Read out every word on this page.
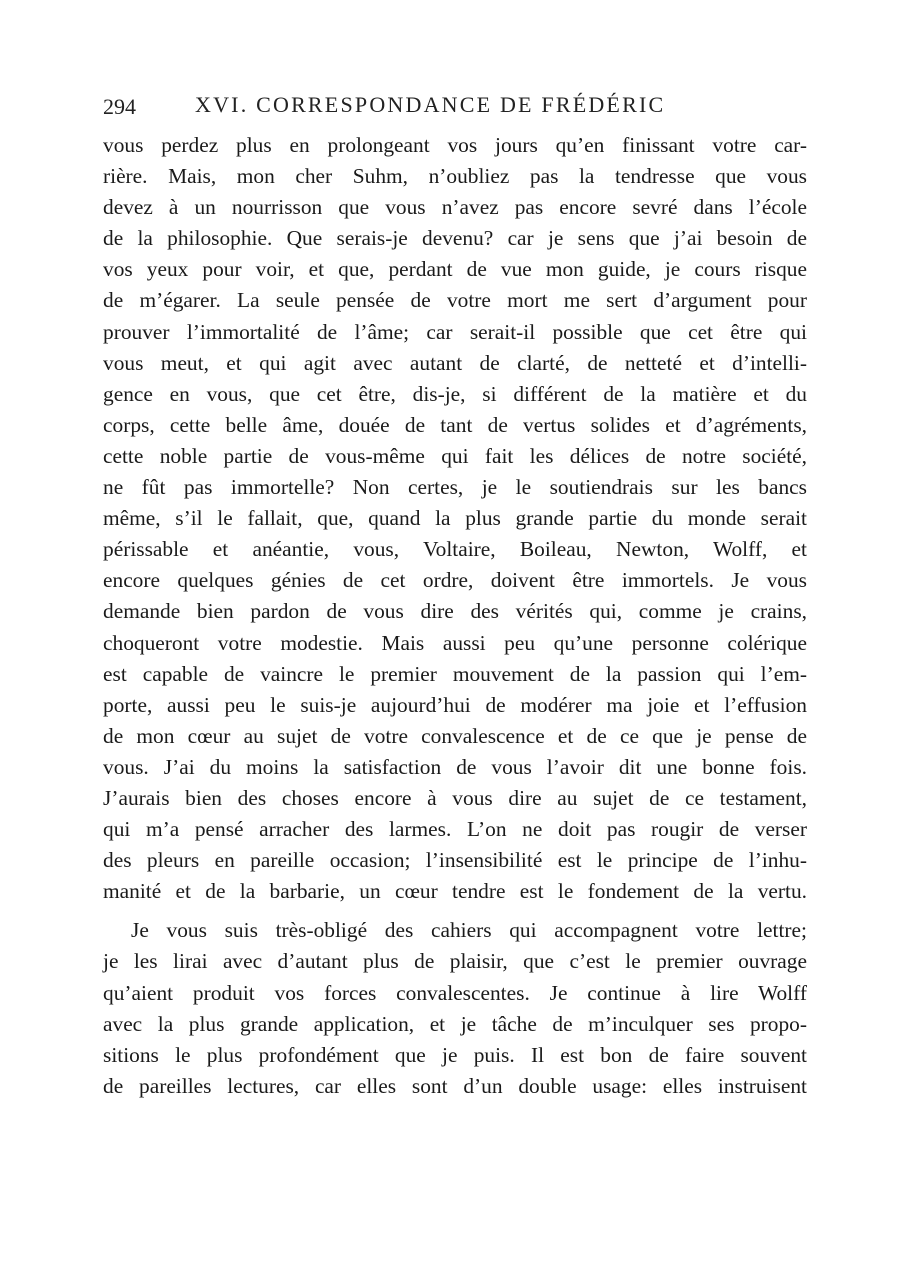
294	XVI. CORRESPONDANCE DE FRÉDÉRIC

vous perdez plus en prolongeant vos jours qu’en finissant votre car-
rière. Mais, mon cher Suhm, n’oubliez pas la tendresse que vous
devez à un nourrisson que vous n’avez pas encore sevré dans l’école
de la philosophie. Que serais-je devenu? car je sens que j’ai besoin de
vos yeux pour voir, et que, perdant de vue mon guide, je cours risque
de m’égarer. La seule pensée de votre mort me sert d’argument pour
prouver l’immortalité de l’âme; car serait-il possible que cet être qui
vous meut, et qui agit avec autant de clarté, de netteté et d’intelli-
gence en vous, que cet être, dis-je, si différent de la matière et du
corps, cette belle âme, douée de tant de vertus solides et d’agréments,
cette noble partie de vous-même qui fait les délices de notre société,
ne fût pas immortelle? Non certes, je le soutiendrais sur les bancs
même, s’il le fallait, que, quand la plus grande partie du monde serait
périssable et anéantie, vous, Voltaire, Boileau, Newton, Wolff, et
encore quelques génies de cet ordre, doivent être immortels. Je vous
demande bien pardon de vous dire des vérités qui, comme je crains,
choqueront votre modestie. Mais aussi peu qu’une personne colérique
est capable de vaincre le premier mouvement de la passion qui l’em-
porte, aussi peu le suis-je aujourd’hui de modérer ma joie et l’effusion
de mon cœur au sujet de votre convalescence et de ce que je pense de
vous. J’ai du moins la satisfaction de vous l’avoir dit une bonne fois.
J’aurais bien des choses encore à vous dire au sujet de ce testament,
qui m’a pensé arracher des larmes. L’on ne doit pas rougir de verser
des pleurs en pareille occasion; l’insensibilité est le principe de l’inhu-
manité et de la barbarie, un cœur tendre est le fondement de la vertu.

Je vous suis très-obligé des cahiers qui accompagnent votre lettre;
je les lirai avec d’autant plus de plaisir, que c’est le premier ouvrage
qu’aient produit vos forces convalescentes. Je continue à lire Wolff
avec la plus grande application, et je tâche de m’inculquer ses propo-
sitions le plus profondément que je puis. Il est bon de faire souvent
de pareilles lectures, car elles sont d’un double usage: elles instruisent
